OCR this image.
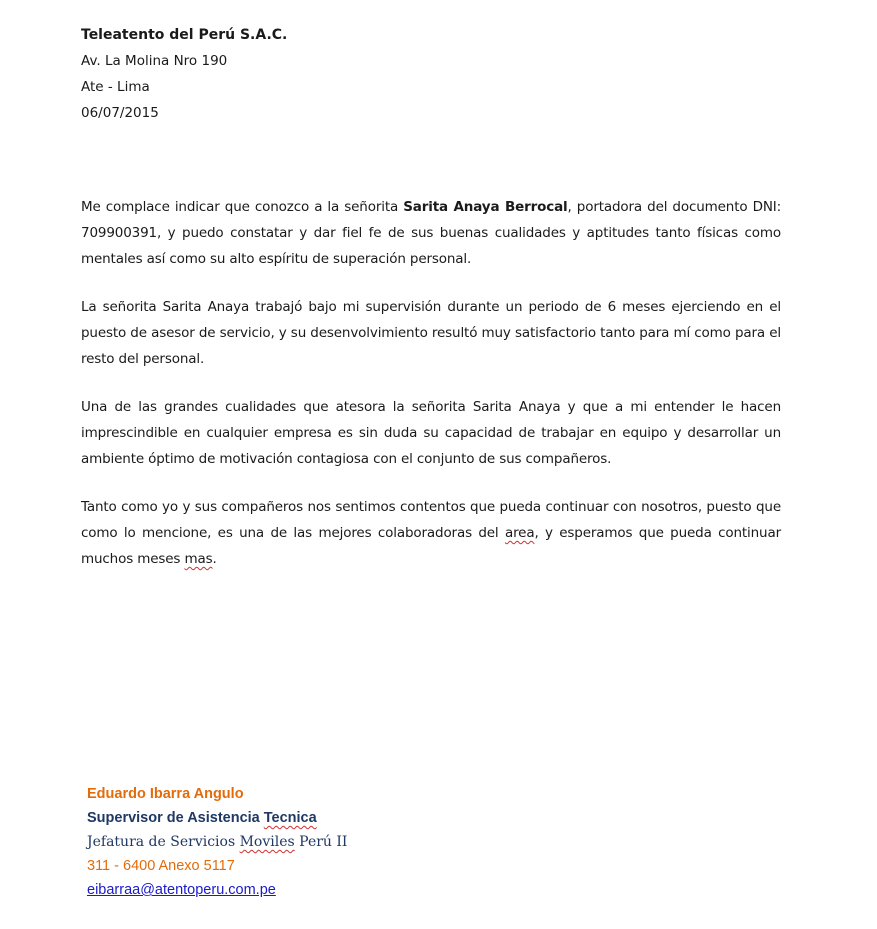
Teleatento del Perú S.A.C.
Av. La Molina Nro 190
Ate - Lima
06/07/2015

Me complace indicar que conozco a la señorita Sarita Anaya Berrocal, portadora del documento DNI: 709900391, y puedo constatar y dar fiel fe de sus buenas cualidades y aptitudes tanto físicas como mentales así como su alto espíritu de superación personal.

La señorita Sarita Anaya trabajó bajo mi supervisión durante un periodo de 6 meses ejerciendo en el puesto de asesor de servicio, y su desenvolvimiento resultó muy satisfactorio tanto para mí como para el resto del personal.

Una de las grandes cualidades que atesora la señorita Sarita Anaya y que a mi entender le hacen imprescindible en cualquier empresa es sin duda su capacidad de trabajar en equipo y desarrollar un ambiente óptimo de motivación contagiosa con el conjunto de sus compañeros.

Tanto como yo y sus compañeros nos sentimos contentos que pueda continuar con nosotros, puesto que como lo mencione, es una de las mejores colaboradoras del area, y esperamos que pueda continuar muchos meses mas.

Eduardo Ibarra Angulo
Supervisor de Asistencia Tecnica
Jefatura de Servicios Moviles Perú II
311 - 6400 Anexo 5117
eibarraa@atentoperu.com.pe
